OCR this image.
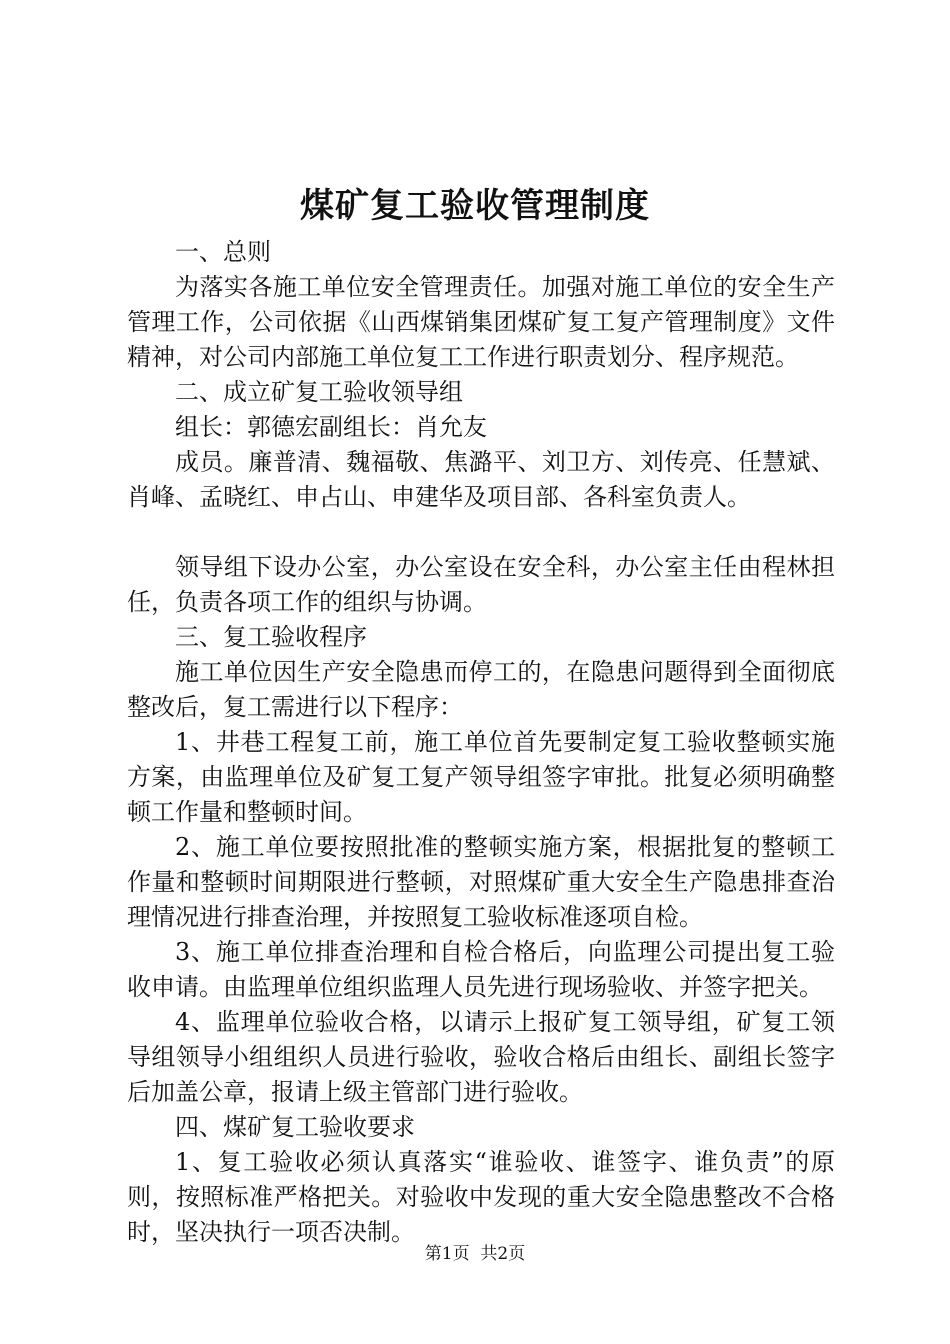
煤矿复工验收管理制度

一、总则

为落实各施工单位安全管理责任。加强对施工单位的安全生产管理工作，公司依据《山西煤销集团煤矿复工复产管理制度》文件精神，对公司内部施工单位复工工作进行职责划分、程序规范。

二、成立矿复工验收领导组

组长：郭德宏副组长：肖允友

成员。廉普清、魏福敬、焦潞平、刘卫方、刘传亮、任慧斌、肖峰、孟晓红、申占山、申建华及项目部、各科室负责人。

领导组下设办公室，办公室设在安全科，办公室主任由程林担任，负责各项工作的组织与协调。

三、复工验收程序

施工单位因生产安全隐患而停工的，在隐患问题得到全面彻底整改后，复工需进行以下程序：

1、井巷工程复工前，施工单位首先要制定复工验收整顿实施方案，由监理单位及矿复工复产领导组签字审批。批复必须明确整顿工作量和整顿时间。

2、施工单位要按照批准的整顿实施方案，根据批复的整顿工作量和整顿时间期限进行整顿，对照煤矿重大安全生产隐患排查治理情况进行排查治理，并按照复工验收标准逐项自检。

3、施工单位排查治理和自检合格后，向监理公司提出复工验收申请。由监理单位组织监理人员先进行现场验收、并签字把关。

4、监理单位验收合格，以请示上报矿复工领导组，矿复工领导组领导小组组织人员进行验收，验收合格后由组长、副组长签字后加盖公章，报请上级主管部门进行验收。

四、煤矿复工验收要求

1、复工验收必须认真落实“谁验收、谁签字、谁负责”的原则，按照标准严格把关。对验收中发现的重大安全隐患整改不合格时，坚决执行一项否决制。

第1页  共2页
